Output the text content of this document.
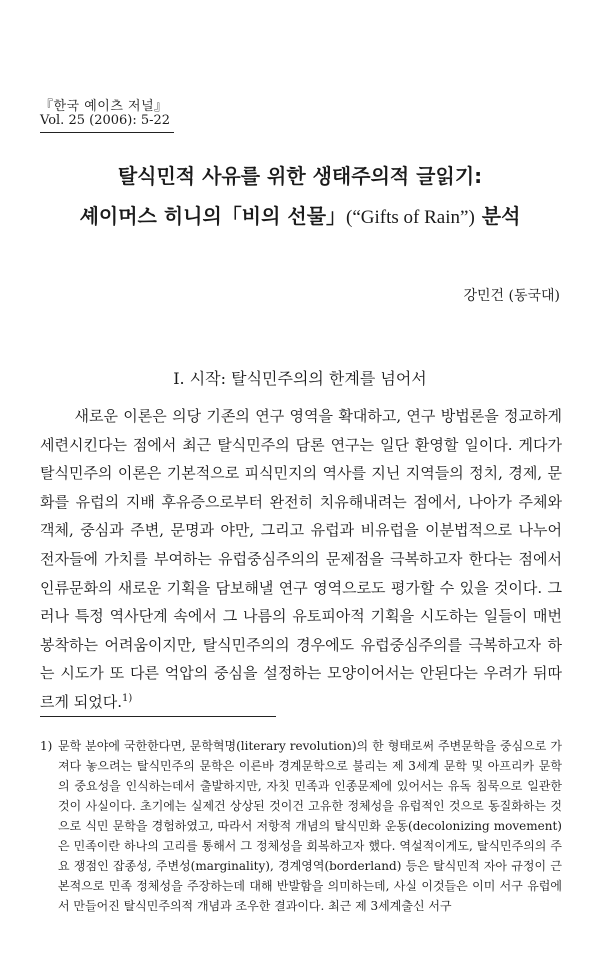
『한국 예이츠 저널』
Vol. 25 (2006): 5-22
탈식민적 사유를 위한 생태주의적 글읽기:
셰이머스 히니의「비의 선물」(“Gifts of Rain”) 분석
강민건 (동국대)
I. 시작: 탈식민주의의 한계를 넘어서

새로운 이론은 의당 기존의 연구 영역을 확대하고, 연구 방법론을 정교하게 세련시킨다는 점에서 최근 탈식민주의 담론 연구는 일단 환영할 일이다. 게다가 탈식민주의 이론은 기본적으로 피식민지의 역사를 지닌 지역들의 정치, 경제, 문화를 유럽의 지배 후유증으로부터 완전히 치유해내려는 점에서, 나아가 주체와 객체, 중심과 주변, 문명과 야만, 그리고 유럽과 비유럽을 이분법적으로 나누어 전자들에 가치를 부여하는 유럽중심주의의 문제점을 극복하고자 한다는 점에서 인류문화의 새로운 기획을 담보해낼 연구 영역으로도 평가할 수 있을 것이다. 그러나 특정 역사단계 속에서 그 나름의 유토피아적 기획을 시도하는 일들이 매번 봉착하는 어려움이지만, 탈식민주의의 경우에도 유럽중심주의를 극복하고자 하는 시도가 또 다른 억압의 중심을 설정하는 모양이어서는 안된다는 우려가 뒤따르게 되었다.$^{1)}$

1) 문학 분야에 국한한다면, 문학혁명(literary revolution)의 한 형태로써 주변문학을 중심으로 가져다 놓으려는 탈식민주의 문학은 이른바 경계문학으로 불리는 제 3세계 문학 및 아프리카 문학의 중요성을 인식하는데서 출발하지만, 자칫 민족과 인종문제에 있어서는 유독 침묵으로 일관한 것이 사실이다. 초기에는 실제건 상상된 것이건 고유한 정체성을 유럽적인 것으로 동질화하는 것으로 식민 문학을 경험하였고, 따라서 저항적 개념의 탈식민화 운동(decolonizing movement)은 민족이란 하나의 고리를 통해서 그 정체성을 회복하고자 했다. 역설적이게도, 탈식민주의의 주요 쟁점인 잡종성, 주변성(marginality), 경계영역(borderland) 등은 탈식민적 자아 규정이 근본적으로 민족 정체성을 주장하는데 대해 반발함을 의미하는데, 사실 이것들은 이미 서구 유럽에서 만들어진 탈식민주의적 개념과 조우한 결과이다. 최근 제 3세계출신 서구
